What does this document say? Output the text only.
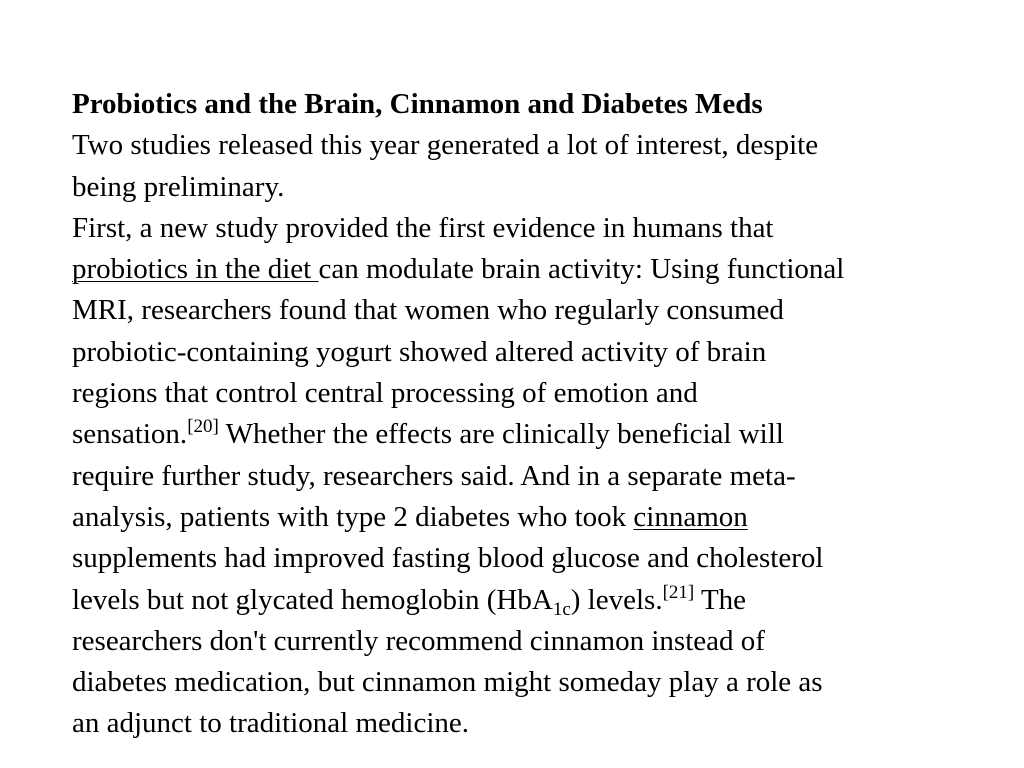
Probiotics and the Brain, Cinnamon and Diabetes Meds

Two studies released this year generated a lot of interest, despite
being preliminary.

First, a new study provided the first evidence in humans that
probiotics in the diet can modulate brain activity: Using functional
MRI, researchers found that women who regularly consumed
probiotic-containing yogurt showed altered activity of brain
regions that control central processing of emotion and
sensation.[20] Whether the effects are clinically beneficial will
require further study, researchers said. And in a separate meta-
analysis, patients with type 2 diabetes who took cinnamon
supplements had improved fasting blood glucose and cholesterol
levels but not glycated hemoglobin (HbA$_{1c}$) levels.[21] The
researchers don't currently recommend cinnamon instead of
diabetes medication, but cinnamon might someday play a role as
an adjunct to traditional medicine.
